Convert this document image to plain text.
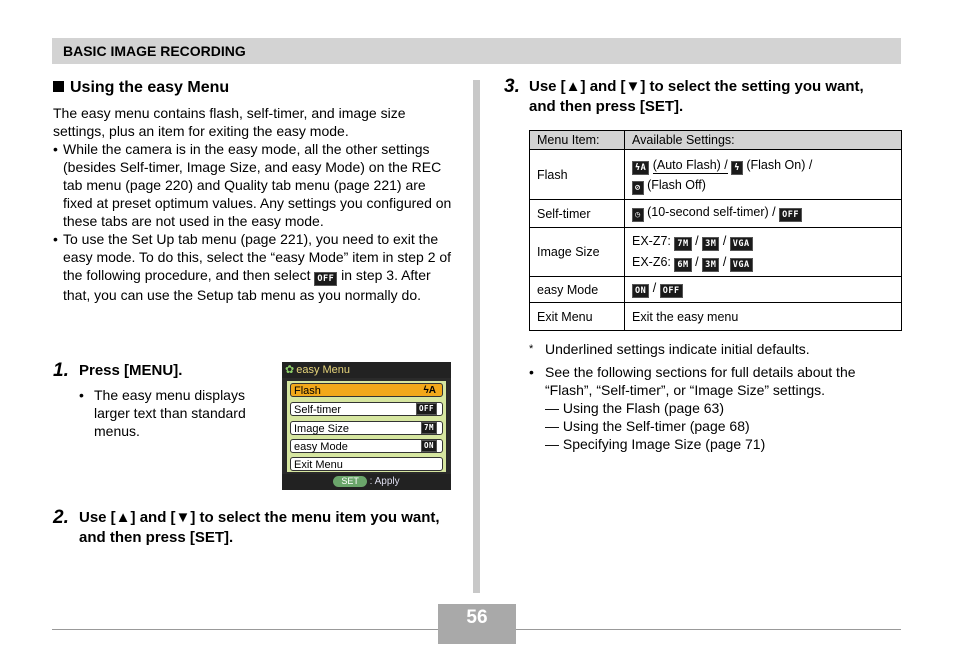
BASIC IMAGE RECORDING
Using the easy Menu

The easy menu contains flash, self-timer, and image size settings, plus an item for exiting the easy mode.

• While the camera is in the easy mode, all the other settings (besides Self-timer, Image Size, and easy Mode) on the REC tab menu (page 220) and Quality tab menu (page 221) are fixed at preset optimum values. Any settings you configured on these tabs are not used in the easy mode.

• To use the Set Up tab menu (page 221), you need to exit the easy mode. To do this, select the “easy Mode” item in step 2 of the following procedure, and then select OFF in step 3. After that, you can use the Setup tab menu as you normally do.

1. Press [MENU].
• The easy menu displays larger text than standard menus.
✿ easy Menu
Flash	ϟA
Self-timer	OFF
Image Size	7M
easy Mode	ON
Exit Menu
SET : Apply
2. Use [▲] and [▼] to select the menu item you want, and then press [SET].
3. Use [▲] and [▼] to select the setting you want, and then press [SET].
Menu Item:	Available Settings:
Flash	ϟA (Auto Flash) / ϟ (Flash On) /
⊘ (Flash Off)
Self-timer	◷ (10-second self-timer) / OFF
Image Size	EX-Z7: 7M / 3M / VGA
EX-Z6: 6M / 3M / VGA
easy Mode	ON / OFF
Exit Menu	Exit the easy menu

* Underlined settings indicate initial defaults.

• See the following sections for full details about the “Flash”, “Self-timer”, or “Image Size” settings.

— Using the Flash (page 63)

— Using the Self-timer (page 68)

— Specifying Image Size (page 71)

56
